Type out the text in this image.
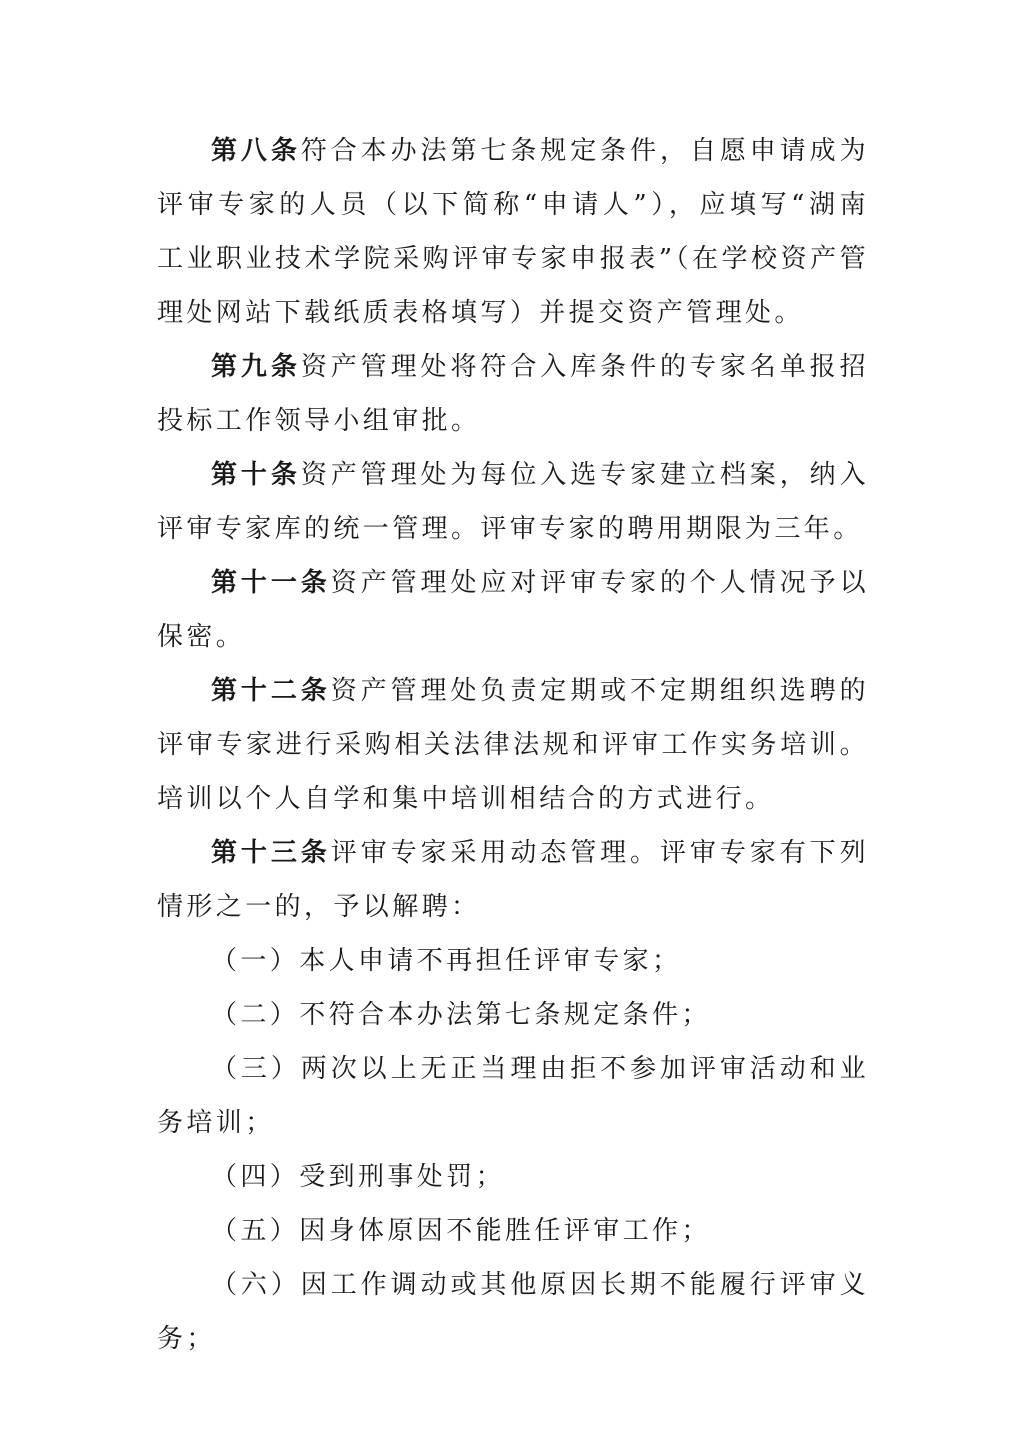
第八条符合本办法第七条规定条件，自愿申请成为评审专家的人员（以下简称“申请人”），应填写“湖南工业职业技术学院采购评审专家申报表”（在学校资产管理处网站下载纸质表格填写）并提交资产管理处。

第九条资产管理处将符合入库条件的专家名单报招投标工作领导小组审批。

第十条资产管理处为每位入选专家建立档案，纳入评审专家库的统一管理。评审专家的聘用期限为三年。

第十一条资产管理处应对评审专家的个人情况予以保密。

第十二条资产管理处负责定期或不定期组织选聘的评审专家进行采购相关法律法规和评审工作实务培训。培训以个人自学和集中培训相结合的方式进行。

第十三条评审专家采用动态管理。评审专家有下列情形之一的，予以解聘：

（一）本人申请不再担任评审专家；

（二）不符合本办法第七条规定条件；

（三）两次以上无正当理由拒不参加评审活动和业务培训；

（四）受到刑事处罚；

（五）因身体原因不能胜任评审工作；

（六）因工作调动或其他原因长期不能履行评审义务；
